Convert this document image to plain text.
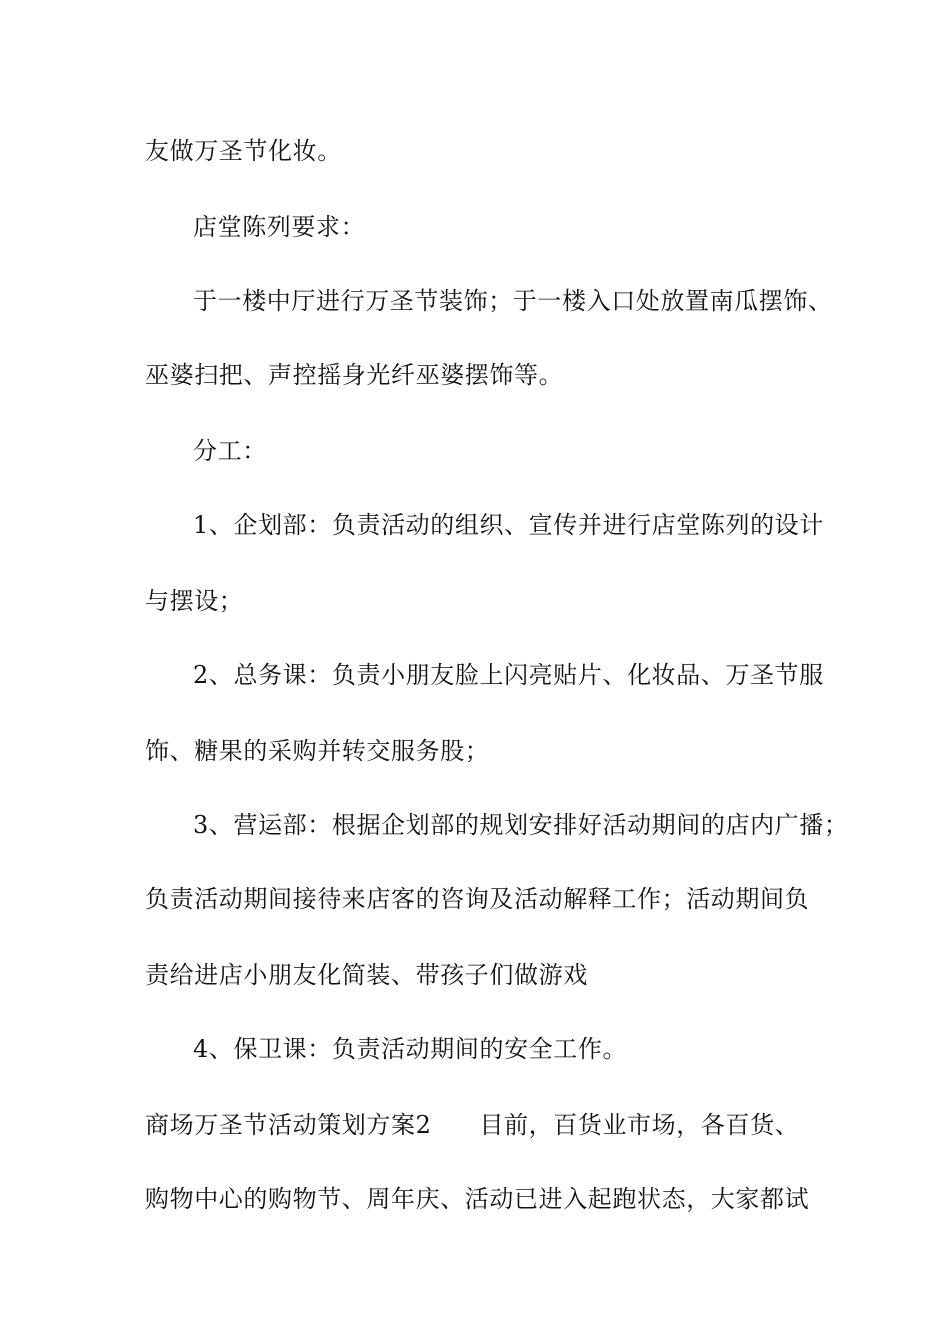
友做万圣节化妆。
店堂陈列要求：
于一楼中厅进行万圣节装饰；于一楼入口处放置南瓜摆饰、
巫婆扫把、声控摇身光纤巫婆摆饰等。
分工：
1、企划部：负责活动的组织、宣传并进行店堂陈列的设计
与摆设；
2、总务课：负责小朋友脸上闪亮贴片、化妆品、万圣节服
饰、糖果的采购并转交服务股；
3、营运部：根据企划部的规划安排好活动期间的店内广播；
负责活动期间接待来店客的咨询及活动解释工作；活动期间负
责给进店小朋友化简装、带孩子们做游戏
4、保卫课：负责活动期间的安全工作。
商场万圣节活动策划方案2 目前，百货业市场，各百货、
购物中心的购物节、周年庆、活动已进入起跑状态，大家都试
